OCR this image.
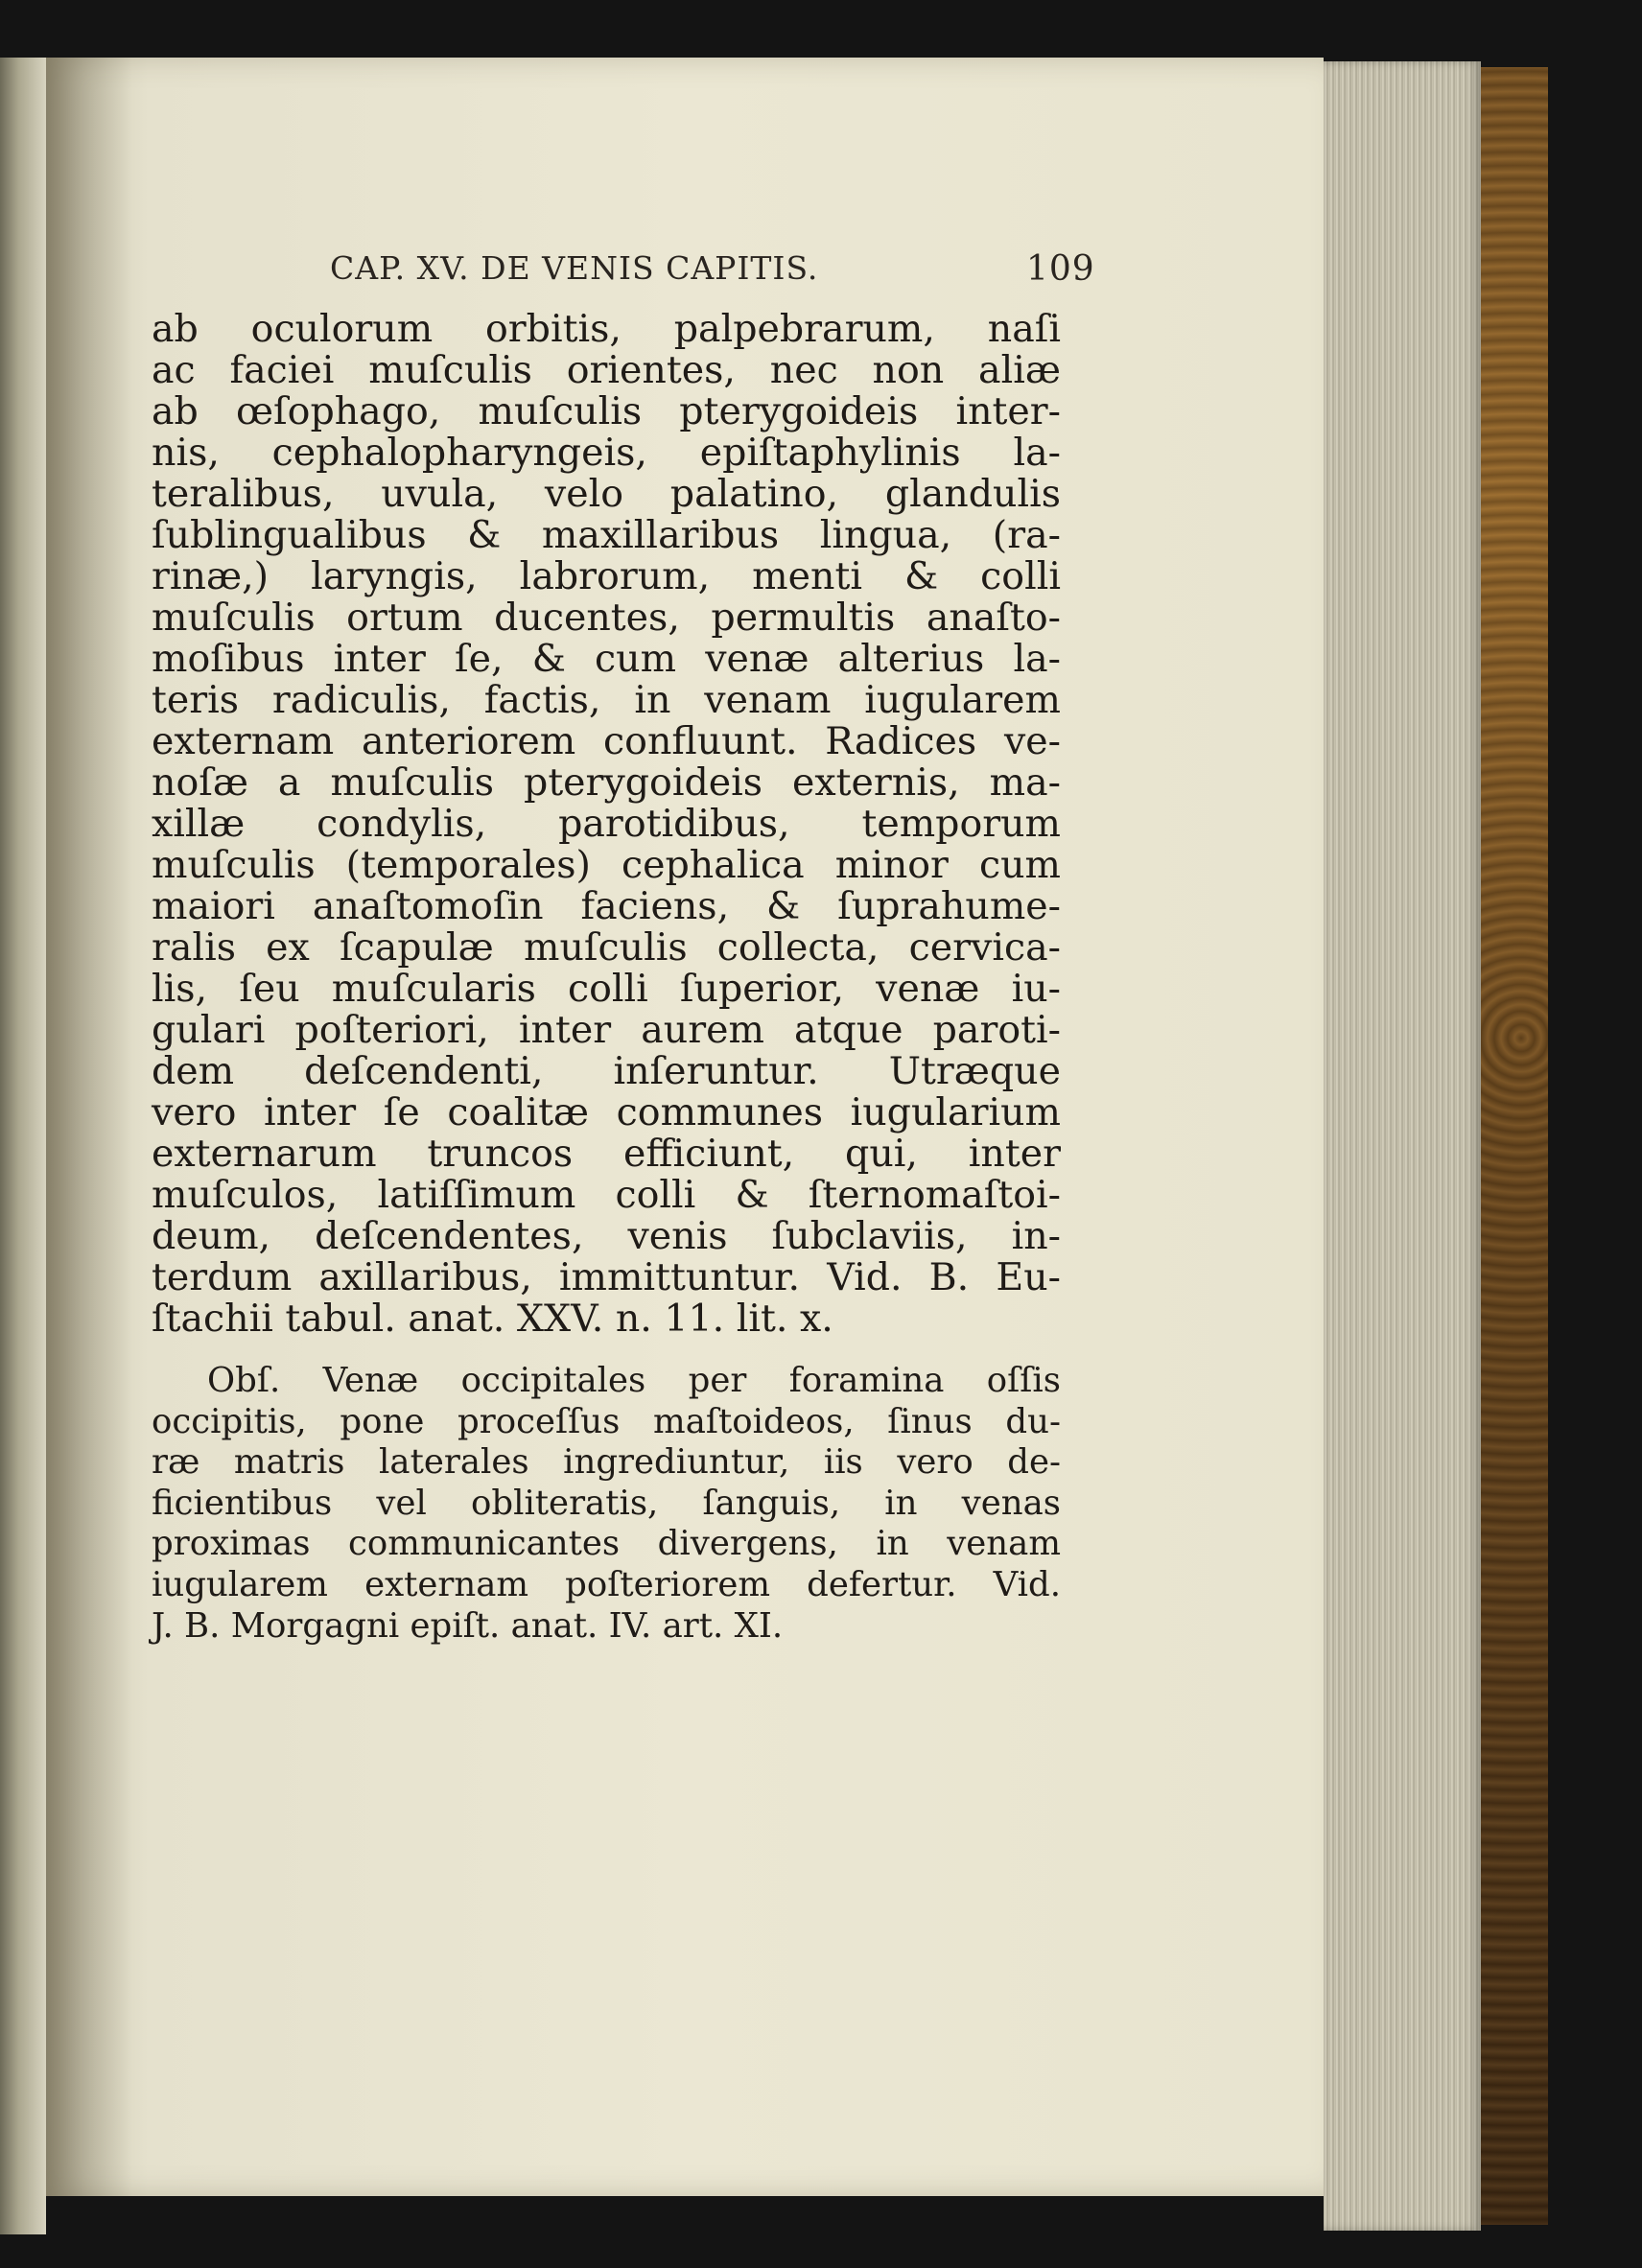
CAP. XV. DE VENIS CAPITIS.	109
ab oculorum orbitis, palpebrarum, naſi
ac faciei muſculis orientes, nec non aliæ
ab œſophago, muſculis pterygoideis inter-
nis, cephalopharyngeis, epiſtaphylinis la-
teralibus, uvula, velo palatino, glandulis
ſublingualibus & maxillaribus lingua, (ra-
rinæ,) laryngis, labrorum, menti & colli
muſculis ortum ducentes, permultis anaſto-
moſibus inter ſe, & cum venæ alterius la-
teris radiculis, factis, in venam iugularem
externam anteriorem confluunt. Radices ve-
noſæ a muſculis pterygoideis externis, ma-
xillæ condylis, parotidibus, temporum
muſculis (temporales) cephalica minor cum
maiori anaſtomoſin faciens, & ſuprahume-
ralis ex ſcapulæ muſculis collecta, cervica-
lis, ſeu muſcularis colli ſuperior, venæ iu-
gulari poſteriori, inter aurem atque paroti-
dem deſcendenti, inſeruntur. Utræque
vero inter ſe coalitæ communes iugularium
externarum truncos efficiunt, qui, inter
muſculos, latiſſimum colli & ſternomaſtoi-
deum, deſcendentes, venis ſubclaviis, in-
terdum axillaribus, immittuntur. Vid. B. Eu-
ſtachii tabul. anat. XXV. n. 11. lit. x.
Obſ. Venæ occipitales per foramina oſſis
occipitis, pone proceſſus maſtoideos, ſinus du-
ræ matris laterales ingrediuntur, iis vero de-
ficientibus vel obliteratis, ſanguis, in venas
proximas communicantes divergens, in venam
iugularem externam poſteriorem defertur. Vid.
J. B. Morgagni epiſt. anat. IV. art. XI.
